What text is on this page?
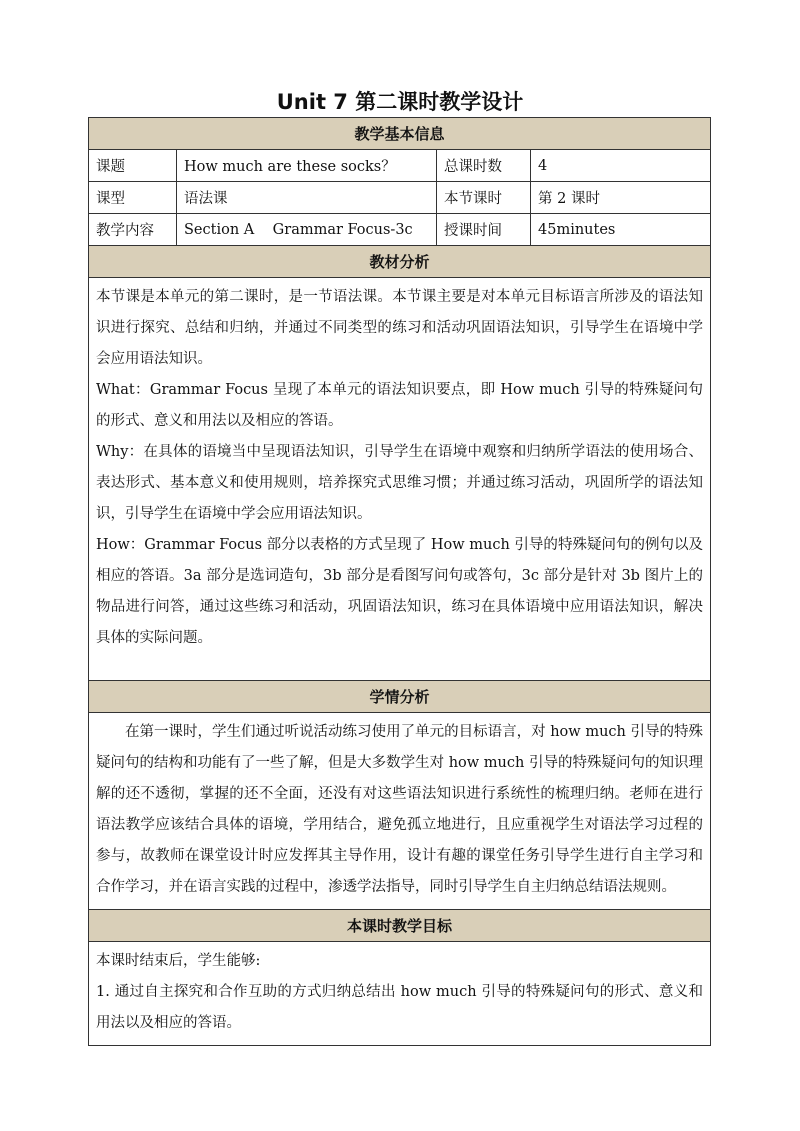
Unit 7 第二课时教学设计
教学基本信息			
课题	How much are these socks？	总课时数	4
课型	语法课	本节课时	第 2 课时
教学内容	Section A    Grammar Focus-3c	授课时间	45minutes
教材分析			

本节课是本单元的第二课时，是一节语法课。本节课主要是对本单元目标语言所涉及的语法知识进行探究、总结和归纳，并通过不同类型的练习和活动巩固语法知识，引导学生在语境中学会应用语法知识。

What：Grammar Focus 呈现了本单元的语法知识要点，即 How much 引导的特殊疑问句的形式、意义和用法以及相应的答语。

Why：在具体的语境当中呈现语法知识，引导学生在语境中观察和归纳所学语法的使用场合、表达形式、基本意义和使用规则，培养探究式思维习惯；并通过练习活动，巩固所学的语法知识，引导学生在语境中学会应用语法知识。

How：Grammar Focus 部分以表格的方式呈现了 How much 引导的特殊疑问句的例句以及相应的答语。3a 部分是选词造句，3b 部分是看图写问句或答句，3c 部分是针对 3b 图片上的物品进行问答，通过这些练习和活动，巩固语法知识，练习在具体语境中应用语法知识，解决具体的实际问题。			

学情分析			

在第一课时，学生们通过听说活动练习使用了单元的目标语言，对 how much 引导的特殊疑问句的结构和功能有了一些了解，但是大多数学生对 how much 引导的特殊疑问句的知识理解的还不透彻，掌握的还不全面，还没有对这些语法知识进行系统性的梳理归纳。老师在进行语法教学应该结合具体的语境，学用结合，避免孤立地进行，且应重视学生对语法学习过程的参与，故教师在课堂设计时应发挥其主导作用，设计有趣的课堂任务引导学生进行自主学习和合作学习，并在语言实践的过程中，渗透学法指导，同时引导学生自主归纳总结语法规则。			

本课时教学目标			

本课时结束后，学生能够:

1. 通过自主探究和合作互助的方式归纳总结出 how much 引导的特殊疑问句的形式、意义和用法以及相应的答语。			
